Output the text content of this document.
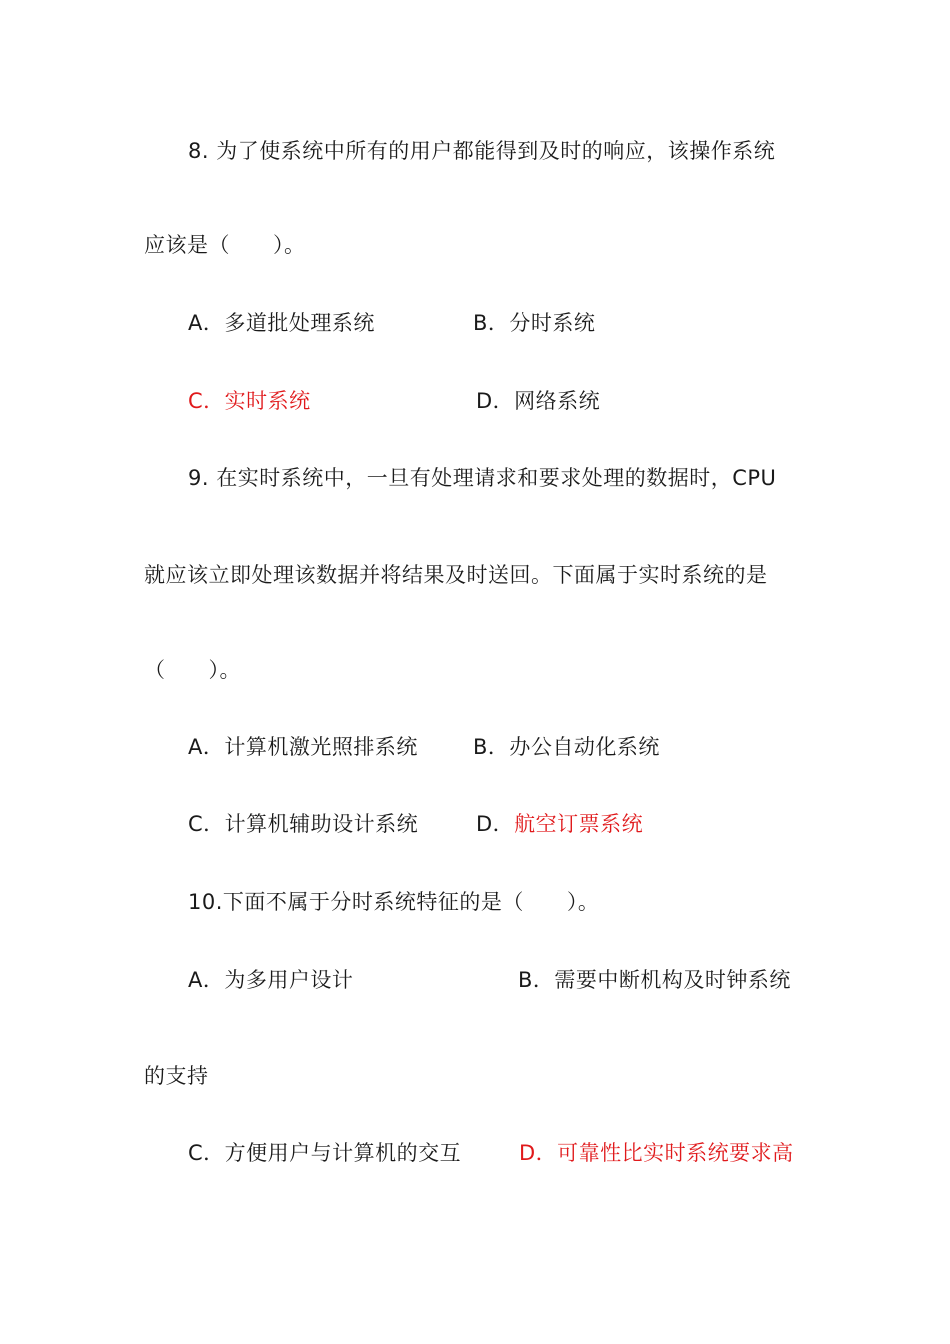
8. 为了使系统中所有的用户都能得到及时的响应，该操作系统
应该是（　　）。
A．多道批处理系统	B．分时系统
C．实时系统	D．网络系统
9. 在实时系统中，一旦有处理请求和要求处理的数据时，CPU
就应该立即处理该数据并将结果及时送回。下面属于实时系统的是
（　　）。
A．计算机激光照排系统	B．办公自动化系统
C．计算机辅助设计系统	D．航空订票系统
10.下面不属于分时系统特征的是（　　）。
A．为多用户设计	B．需要中断机构及时钟系统
的支持
C．方便用户与计算机的交互	D．可靠性比实时系统要求高
